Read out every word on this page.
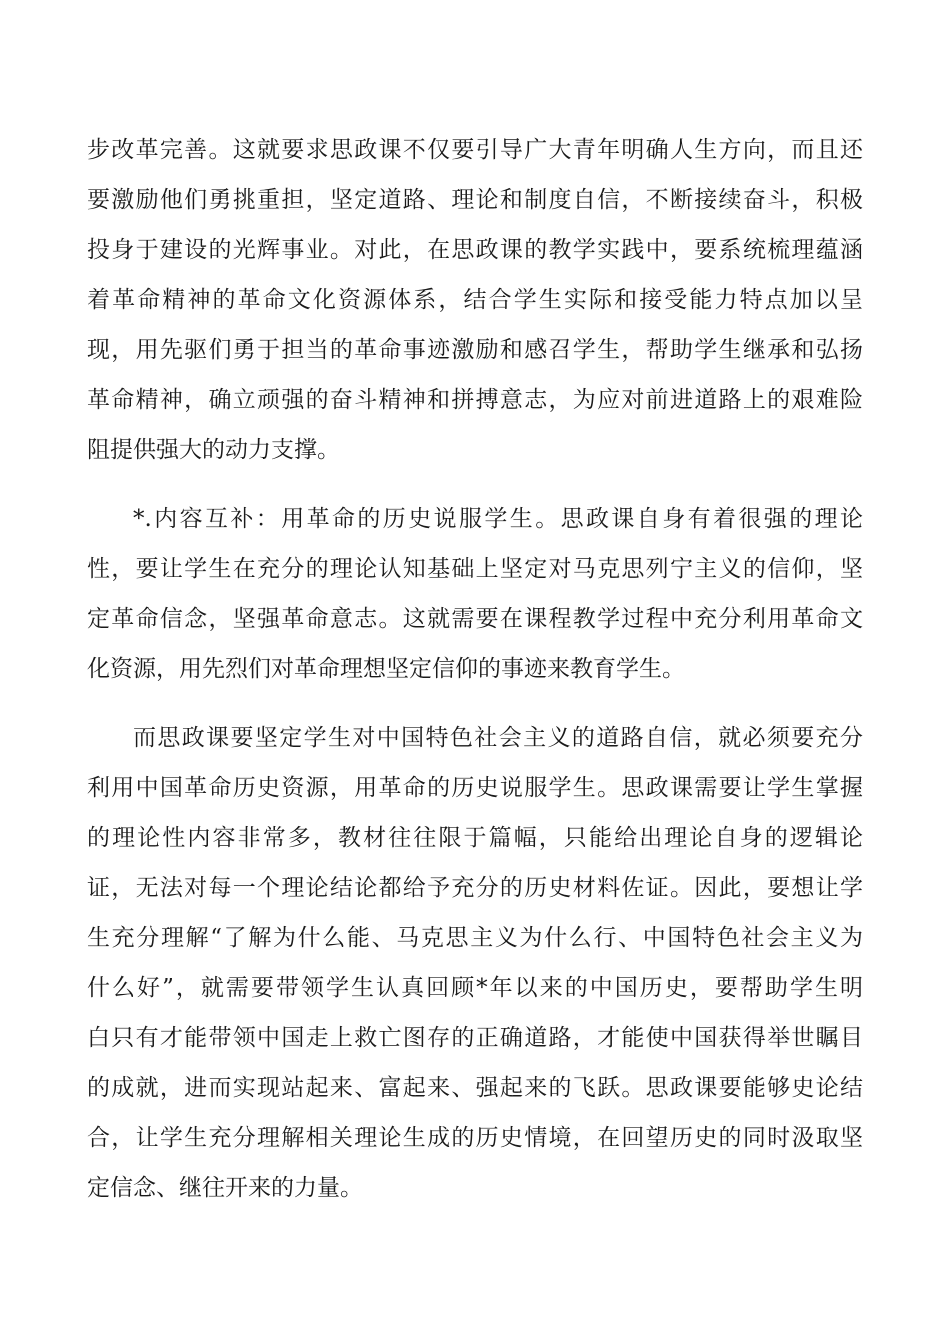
步改革完善。这就要求思政课不仅要引导广大青年明确人生方向，而且还
要激励他们勇挑重担，坚定道路、理论和制度自信，不断接续奋斗，积极
投身于建设的光辉事业。对此，在思政课的教学实践中，要系统梳理蕴涵
着革命精神的革命文化资源体系，结合学生实际和接受能力特点加以呈
现，用先驱们勇于担当的革命事迹激励和感召学生，帮助学生继承和弘扬
革命精神，确立顽强的奋斗精神和拼搏意志，为应对前进道路上的艰难险
阻提供强大的动力支撑。
*.内容互补：用革命的历史说服学生。思政课自身有着很强的理论
性，要让学生在充分的理论认知基础上坚定对马克思列宁主义的信仰，坚
定革命信念，坚强革命意志。这就需要在课程教学过程中充分利用革命文
化资源，用先烈们对革命理想坚定信仰的事迹来教育学生。
而思政课要坚定学生对中国特色社会主义的道路自信，就必须要充分
利用中国革命历史资源，用革命的历史说服学生。思政课需要让学生掌握
的理论性内容非常多，教材往往限于篇幅，只能给出理论自身的逻辑论
证，无法对每一个理论结论都给予充分的历史材料佐证。因此，要想让学
生充分理解“了解为什么能、马克思主义为什么行、中国特色社会主义为
什么好”，就需要带领学生认真回顾*年以来的中国历史，要帮助学生明
白只有才能带领中国走上救亡图存的正确道路，才能使中国获得举世瞩目
的成就，进而实现站起来、富起来、强起来的飞跃。思政课要能够史论结
合，让学生充分理解相关理论生成的历史情境，在回望历史的同时汲取坚
定信念、继往开来的力量。
